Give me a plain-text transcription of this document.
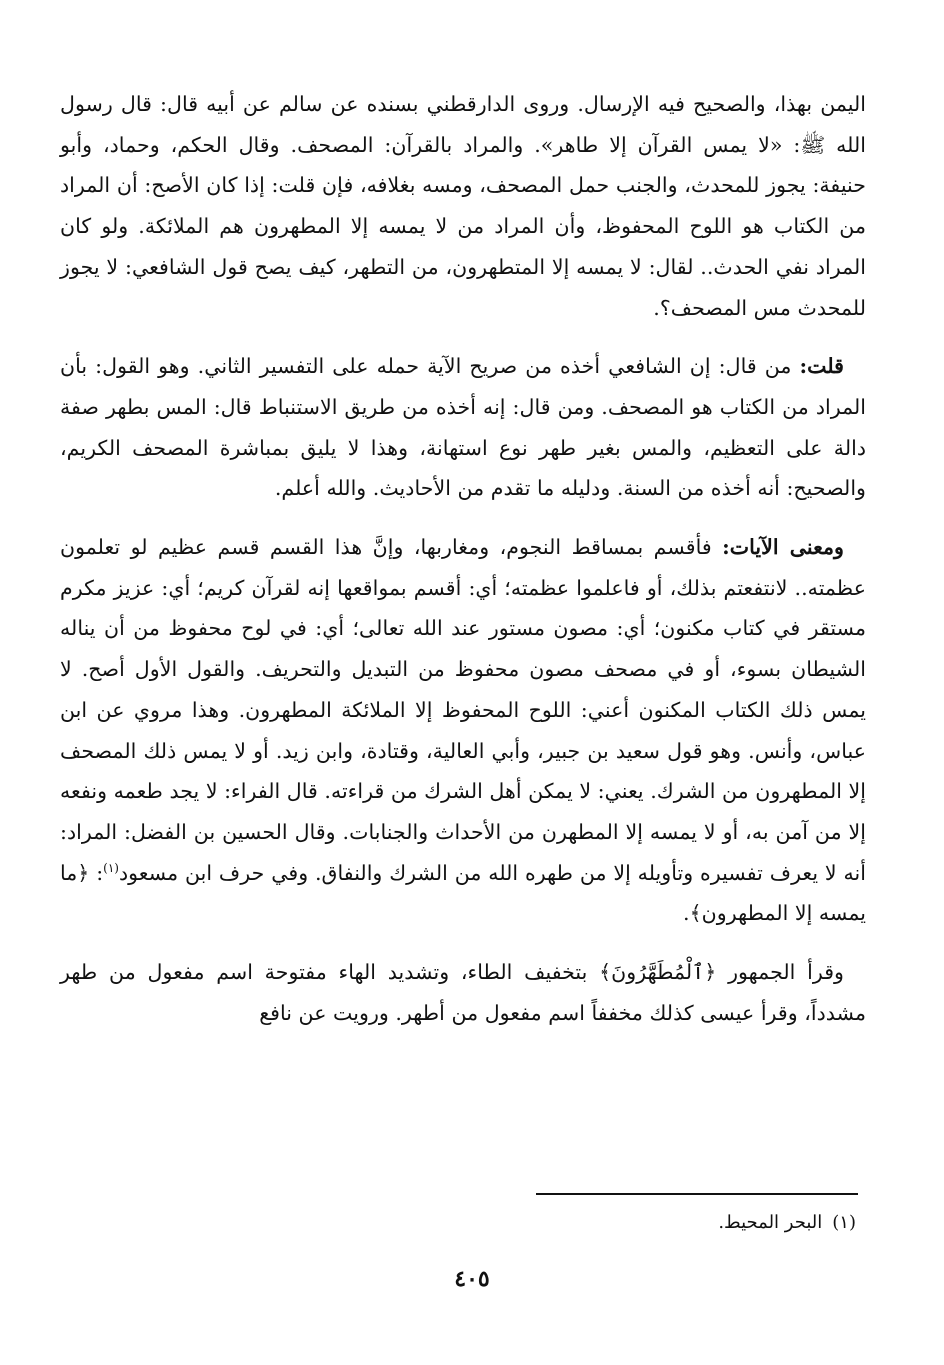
اليمن بهذا، والصحيح فيه الإرسال. وروى الدارقطني بسنده عن سالم عن أبيه قال: قال رسول الله ﷺ: «لا يمس القرآن إلا طاهر». والمراد بالقرآن: المصحف. وقال الحكم، وحماد، وأبو حنيفة: يجوز للمحدث، والجنب حمل المصحف، ومسه بغلافه، فإن قلت: إذا كان الأصح: أن المراد من الكتاب هو اللوح المحفوظ، وأن المراد من لا يمسه إلا المطهرون هم الملائكة. ولو كان المراد نفي الحدث.. لقال: لا يمسه إلا المتطهرون، من التطهر، كيف يصح قول الشافعي: لا يجوز للمحدث مس المصحف؟.

قلت: من قال: إن الشافعي أخذه من صريح الآية حمله على التفسير الثاني. وهو القول: بأن المراد من الكتاب هو المصحف. ومن قال: إنه أخذه من طريق الاستنباط قال: المس بطهر صفة دالة على التعظيم، والمس بغير طهر نوع استهانة، وهذا لا يليق بمباشرة المصحف الكريم، والصحيح: أنه أخذه من السنة. ودليله ما تقدم من الأحاديث. والله أعلم.

ومعنى الآيات: فأقسم بمساقط النجوم، ومغاربها، وإنَّ هذا القسم قسم عظيم لو تعلمون عظمته.. لانتفعتم بذلك، أو فاعلموا عظمته؛ أي: أقسم بمواقعها إنه لقرآن كريم؛ أي: عزيز مكرم مستقر في كتاب مكنون؛ أي: مصون مستور عند الله تعالى؛ أي: في لوح محفوظ من أن يناله الشيطان بسوء، أو في مصحف مصون محفوظ من التبديل والتحريف. والقول الأول أصح. لا يمس ذلك الكتاب المكنون أعني: اللوح المحفوظ إلا الملائكة المطهرون. وهذا مروي عن ابن عباس، وأنس. وهو قول سعيد بن جبير، وأبي العالية، وقتادة، وابن زيد. أو لا يمس ذلك المصحف إلا المطهرون من الشرك. يعني: لا يمكن أهل الشرك من قراءته. قال الفراء: لا يجد طعمه ونفعه إلا من آمن به، أو لا يمسه إلا المطهرن من الأحداث والجنابات. وقال الحسين بن الفضل: المراد: أنه لا يعرف تفسيره وتأويله إلا من طهره الله من الشرك والنفاق. وفي حرف ابن مسعود$^{(١)}$: ﴿ما يمسه إلا المطهرون﴾.

وقرأ الجمهور ﴿ٱلْمُطَهَّرُونَ﴾ بتخفيف الطاء، وتشديد الهاء مفتوحة اسم مفعول من طهر مشدداً، وقرأ عيسى كذلك مخففاً اسم مفعول من أطهر. ورويت عن نافع

(١)البحر المحيط.
٤٠٥
